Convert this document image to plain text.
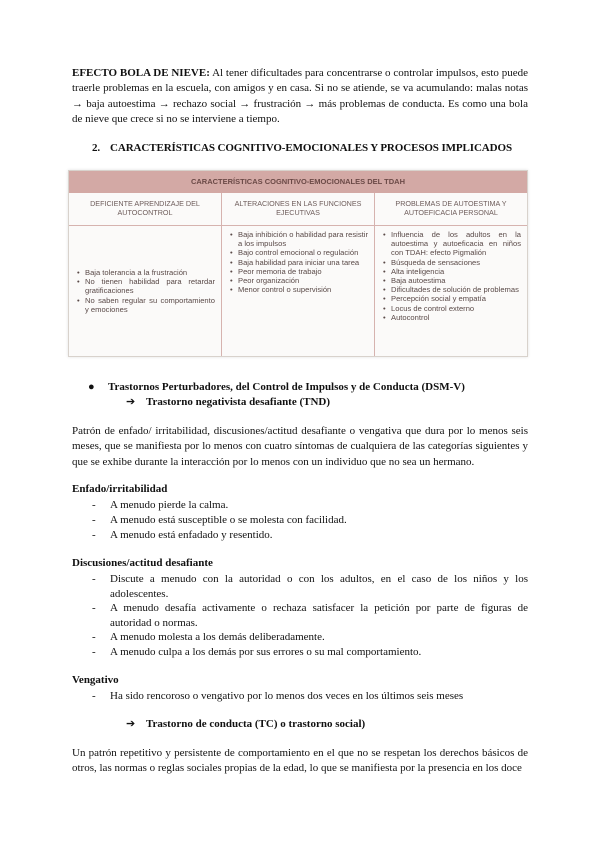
EFECTO BOLA DE NIEVE: Al tener dificultades para concentrarse o controlar impulsos, esto puede traerle problemas en la escuela, con amigos y en casa. Si no se atiende, se va acumulando: malas notas → baja autoestima → rechazo social → frustración → más problemas de conducta. Es como una bola de nieve que crece si no se interviene a tiempo.

2. CARACTERÍSTICAS COGNITIVO-EMOCIONALES Y PROCESOS IMPLICADOS
CARACTERÍSTICAS COGNITIVO-EMOCIONALES DEL TDAH
DEFICIENTE APRENDIZAJE DEL AUTOCONTROL
ALTERACIONES EN LAS FUNCIONES EJECUTIVAS
PROBLEMAS DE AUTOESTIMA Y AUTOEFICACIA PERSONAL
• Baja tolerancia a la frustración
• No tienen habilidad para retardar gratificaciones
• No saben regular su comportamiento y emociones
• Baja inhibición o habilidad para resistir a los impulsos
• Bajo control emocional o regulación
• Baja habilidad para iniciar una tarea
• Peor memoria de trabajo
• Peor organización
• Menor control o supervisión
• Influencia de los adultos en la autoestima y autoeficacia en niños con TDAH: efecto Pigmalión
• Búsqueda de sensaciones
• Alta inteligencia
• Baja autoestima
• Dificultades de solución de problemas
• Percepción social y empatía
• Locus de control externo
• Autocontrol
● Trastornos Perturbadores, del Control de Impulsos y de Conducta (DSM-V)
➔ Trastorno negativista desafiante (TND)

Patrón de enfado/ irritabilidad, discusiones/actitud desafiante o vengativa que dura por lo menos seis meses, que se manifiesta por lo menos con cuatro síntomas de cualquiera de las categorías siguientes y que se exhibe durante la interacción por lo menos con un individuo que no sea un hermano.

Enfado/irritabilidad
- A menudo pierde la calma.
- A menudo está susceptible o se molesta con facilidad.
- A menudo está enfadado y resentido.
Discusiones/actitud desafiante
- Discute a menudo con la autoridad o con los adultos, en el caso de los niños y los adolescentes.
- A menudo desafía activamente o rechaza satisfacer la petición por parte de figuras de autoridad o normas.
- A menudo molesta a los demás deliberadamente.
- A menudo culpa a los demás por sus errores o su mal comportamiento.
Vengativo
- Ha sido rencoroso o vengativo por lo menos dos veces en los últimos seis meses
➔ Trastorno de conducta (TC) o trastorno social)

Un patrón repetitivo y persistente de comportamiento en el que no se respetan los derechos básicos de otros, las normas o reglas sociales propias de la edad, lo que se manifiesta por la presencia en los doce
